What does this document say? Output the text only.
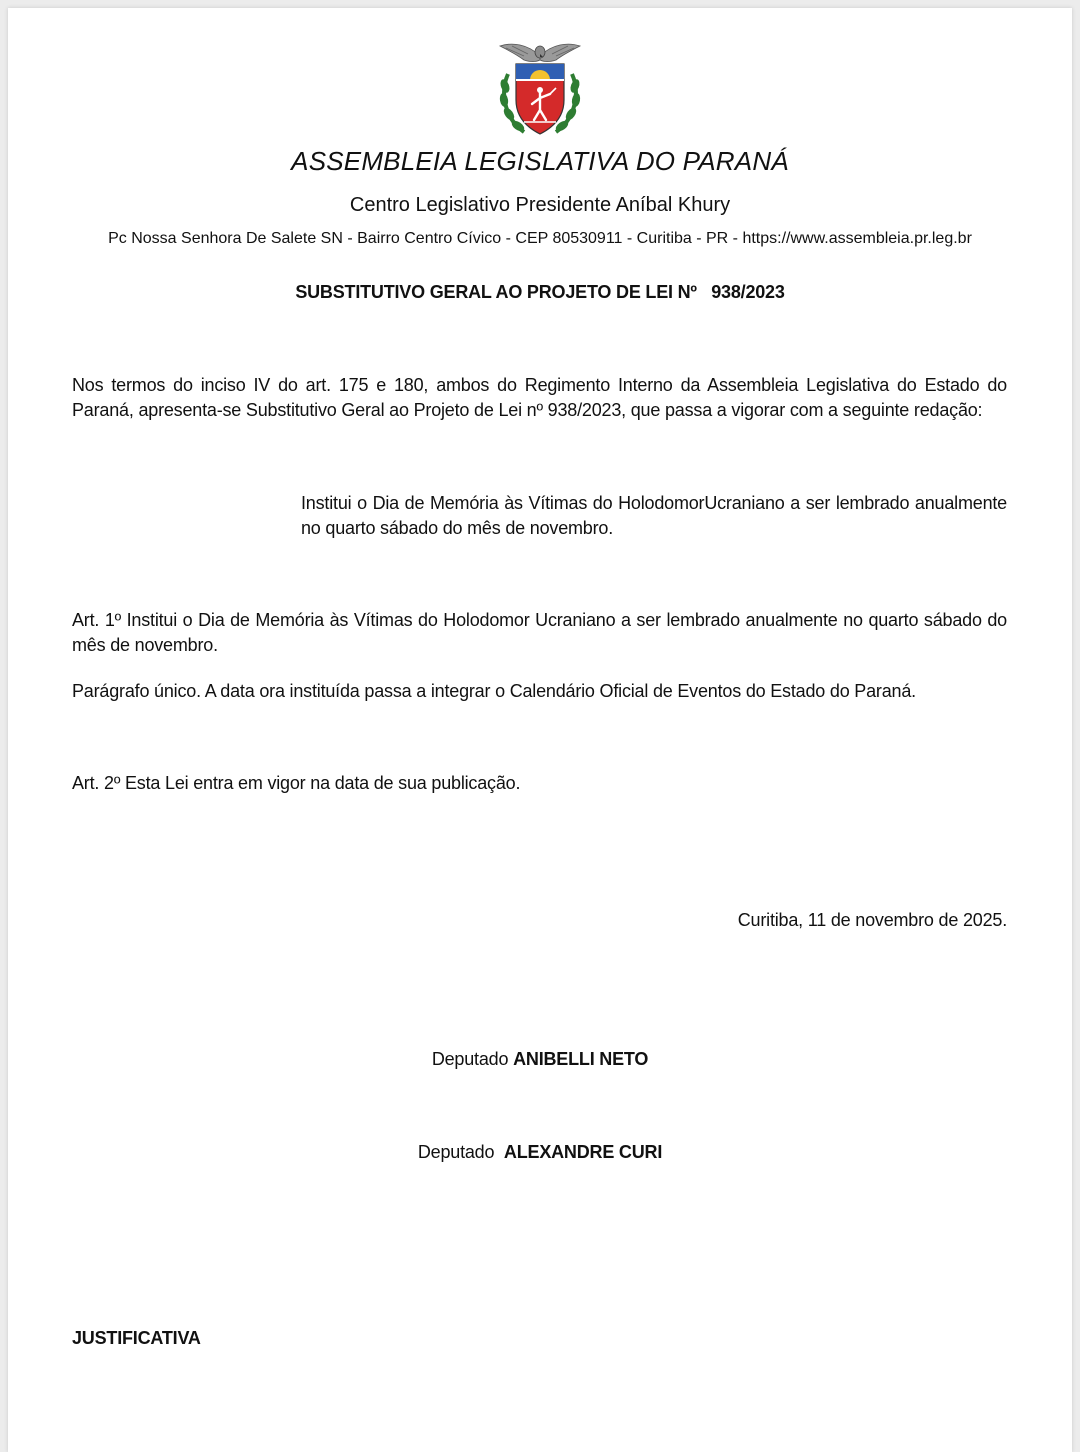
ASSEMBLEIA LEGISLATIVA DO PARANÁ
Centro Legislativo Presidente Aníbal Khury
Pc Nossa Senhora De Salete SN - Bairro Centro Cívico - CEP 80530911 - Curitiba - PR - https://www.assembleia.pr.leg.br
SUBSTITUTIVO GERAL AO PROJETO DE LEI Nº   938/2023
Nos termos do inciso IV do art. 175 e 180, ambos do Regimento Interno da Assembleia Legislativa do Estado do Paraná, apresenta-se Substitutivo Geral ao Projeto de Lei nº 938/2023, que passa a vigorar com a seguinte redação:
Institui o Dia de Memória às Vítimas do HolodomorUcraniano a ser lembrado anualmente no quarto sábado do mês de novembro.
Art. 1º Institui o Dia de Memória às Vítimas do Holodomor Ucraniano a ser lembrado anualmente no quarto sábado do mês de novembro.
Parágrafo único. A data ora instituída passa a integrar o Calendário Oficial de Eventos do Estado do Paraná.
Art. 2º Esta Lei entra em vigor na data de sua publicação.
Curitiba, 11 de novembro de 2025.
Deputado ANIBELLI NETO
Deputado ALEXANDRE CURI
JUSTIFICATIVA
